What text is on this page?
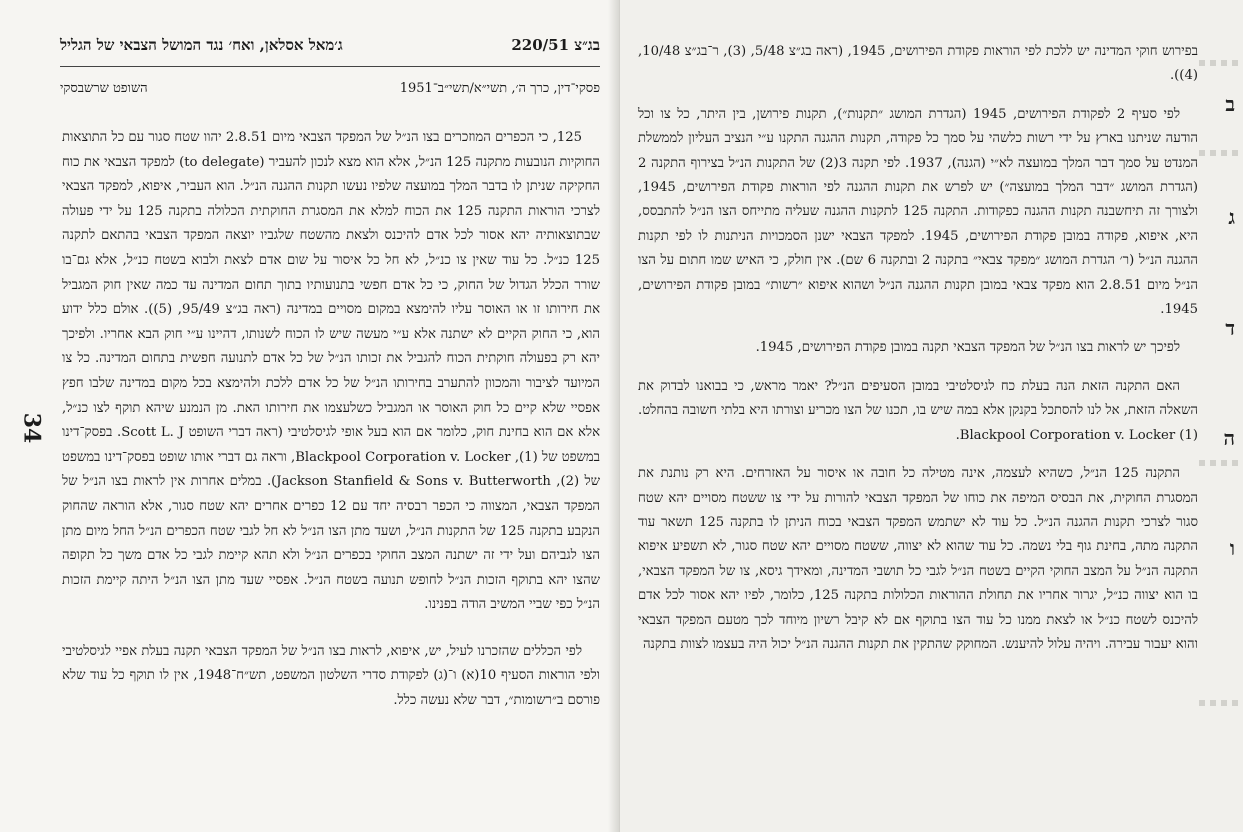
בג״צ 220/51
ג׳מאל אסלאן, ואח׳ נגד המושל הצבאי של הגליל
פסקי־דין, כרך ה׳, תשי״א/תשי״ב־1951
השופט שרשבסקי

125, כי הכפרים המוזכרים בצו הנ״ל של המפקד הצבאי מיום 2.8.51 יהוו שטח סגור עם כל התוצאות החוקיות הנובעות מתקנה 125 הנ״ל, אלא הוא מצא לנכון להעביר (to delegate) למפקד הצבאי את כוח החקיקה שניתן לו בדבר המלך במועצה שלפיו נעשו תקנות ההגנה הנ״ל. הוא העביר, איפוא, למפקד הצבאי לצרכי הוראות התקנה 125 את הכוח למלא את המסגרת החוקתית הכלולה בתקנה 125 על ידי פעולה שבתוצאותיה יהא אסור לכל אדם להיכנס ולצאת מהשטח שלגביו יוצאה המפקד הצבאי בהתאם לתקנה 125 כנ״ל. כל עוד שאין צו כנ״ל, לא חל כל איסור על שום אדם לצאת ולבוא בשטח כנ״ל, אלא גם־בו שורר הכלל הגדול של החוק, כי כל אדם חפשי בתנועותיו בתוך תחום המדינה עד כמה שאין חוק המגביל את חירותו זו או האוסר עליו להימצא במקום מסויים במדינה (ראה בג״צ 95/49, (5)). אולם כלל ידוע הוא, כי החוק הקיים לא ישתנה אלא ע״י מעשה שיש לו הכוח לשנותו, דהיינו ע״י חוק הבא אחריו. ולפיכך יהא רק בפעולה חוקתית הכוח להגביל את זכותו הנ״ל של כל אדם לתנועה חפשית בתחום המדינה. כל צו המיועד לציבור והמכוון להתערב בחירותו הנ״ל של כל אדם ללכת ולהימצא בכל מקום במדינה שלבו חפץ אפסיי שלא קיים כל חוק האוסר או המגביל כשלעצמו את חירותו האת. מן הנמנע שיהא תוקף לצו כנ״ל, אלא אם הוא בחינת חוק, כלומר אם הוא בעל אופי לגיסלטיבי (ראה דברי השופט Scott L. J. בפסק־דינו במשפט של (1), Blackpool Corporation v. Locker, וראה גם דברי אותו שופט בפסק־דינו במשפט של (2), Jackson Stanfield & Sons v. Butterworth). במלים אחרות אין לראות בצו הנ״ל של המפקד הצבאי, המצווה כי הכפר רבסיה יחד עם 12 כפרים אחרים יהא שטח סגור, אלא הוראה שהחוק הנקבע בתקנה 125 של התקנות הנ״ל, ושעד מתן הצו הנ״ל לא חל לגבי שטח הכפרים הנ״ל החל מיום מתן הצו לגביהם ועל ידי זה ישתנה המצב החוקי בכפרים הנ״ל ולא תהא קיימת לגבי כל אדם משך כל תקופה שהצו יהא בתוקף הזכות הנ״ל לחופש תנועה בשטח הנ״ל. אפסיי שעד מתן הצו הנ״ל היתה קיימת הזכות הנ״ל כפי שביי המשיב הודה בפנינו.

לפי הכללים שהזכרנו לעיל, יש, איפוא, לראות בצו הנ״ל של המפקד הצבאי תקנה בעלת אפיי לגיסלטיבי ולפי הוראות הסעיף 10(א) ו־(ג) לפקודת סדרי השלטון המשפט, תש״ח־1948, אין לו תוקף כל עוד שלא פורסם ב״רשומות״, דבר שלא נעשה כלל.

34

בפירוש חוקי המדינה יש ללכת לפי הוראות פקודת הפירושים, 1945, (ראה בג״צ 5/48, (3), ר־בג״צ 10/48, (4)).

לפי סעיף 2 לפקודת הפירושים, 1945 (הגדרת המושג ״תקנות״), תקנות פירושן, בין היתר, כל צו וכל הודעה שניתנו בארץ על ידי רשות כלשהי על סמך כל פקודה, תקנות ההגנה התקנו ע״י הנציב העליון לממשלת המנדט על סמך דבר המלך במועצה לא״י (הגנה), 1937. לפי תקנה 3(2) של התקנות הנ״ל בצירוף התקנה 2 (הגדרת המושג ״דבר המלך במועצה״) יש לפרש את תקנות ההגנה לפי הוראות פקודת הפירושים, 1945, ולצורך זה תיחשבנה תקנות ההגנה כפקודות. התקנה 125 לתקנות ההגנה שעליה מתייחס הצו הנ״ל להתבסס, היא, איפוא, פקודה במובן פקודת הפירושים, 1945. למפקד הצבאי ישנן הסמכויות הניתנות לו לפי תקנות ההגנה הנ״ל (ר׳ הגדרת המושג ״מפקד צבאי״ בתקנה 2 ובתקנה 6 שם). אין חולק, כי האיש שמו חתום על הצו הנ״ל מיום 2.8.51 הוא מפקד צבאי במובן תקנות ההגנה הנ״ל ושהוא איפוא ״רשות״ במובן פקודת הפירושים, 1945.

לפיכך יש לראות בצו הנ״ל של המפקד הצבאי תקנה במובן פקודת הפירושים, 1945.

האם התקנה הזאת הנה בעלת כח לגיסלטיבי במובן הסעיפים הנ״ל? יאמר מראש, כי בבואנו לבדוק את השאלה הזאת, אל לנו להסתכל בקנקן אלא במה שיש בו, תכנו של הצו מכריע וצורתו היא בלתי חשובה בהחלט. Blackpool Corporation v. Locker (1).

התקנה 125 הנ״ל, כשהיא לעצמה, אינה מטילה כל חובה או איסור על האזרחים. היא רק נותנת את המסגרת החוקית, את הבסיס המיפה את כוחו של המפקד הצבאי להורות על ידי צו ששטח מסויים יהא שטח סגור לצרכי תקנות ההגנה הנ״ל. כל עוד לא ישתמש המפקד הצבאי בכוח הניתן לו בתקנה 125 תשאר עוד התקנה מתה, בחינת גוף בלי נשמה. כל עוד שהוא לא יצווה, ששטח מסויים יהא שטח סגור, לא תשפיע איפוא התקנה הנ״ל על המצב החוקי הקיים בשטח הנ״ל לגבי כל תושבי המדינה, ומאידך גיסא, צו של המפקד הצבאי, בו הוא יצווה כנ״ל, יגרור אחריו את תחולת ההוראות הכלולות בתקנה 125, כלומר, לפיו יהא אסור לכל אדם להיכנס לשטח כנ״ל או לצאת ממנו כל עוד הצו בתוקף אם לא קיבל רשיון מיוחד לכך מטעם המפקד הצבאי והוא יעבור עבירה. ויהיה עלול להיענש. המחוקק שהתקין את תקנות ההגנה הנ״ל יכול היה בעצמו לצוות בתקנה

ב
ג
ד
ה
ו
